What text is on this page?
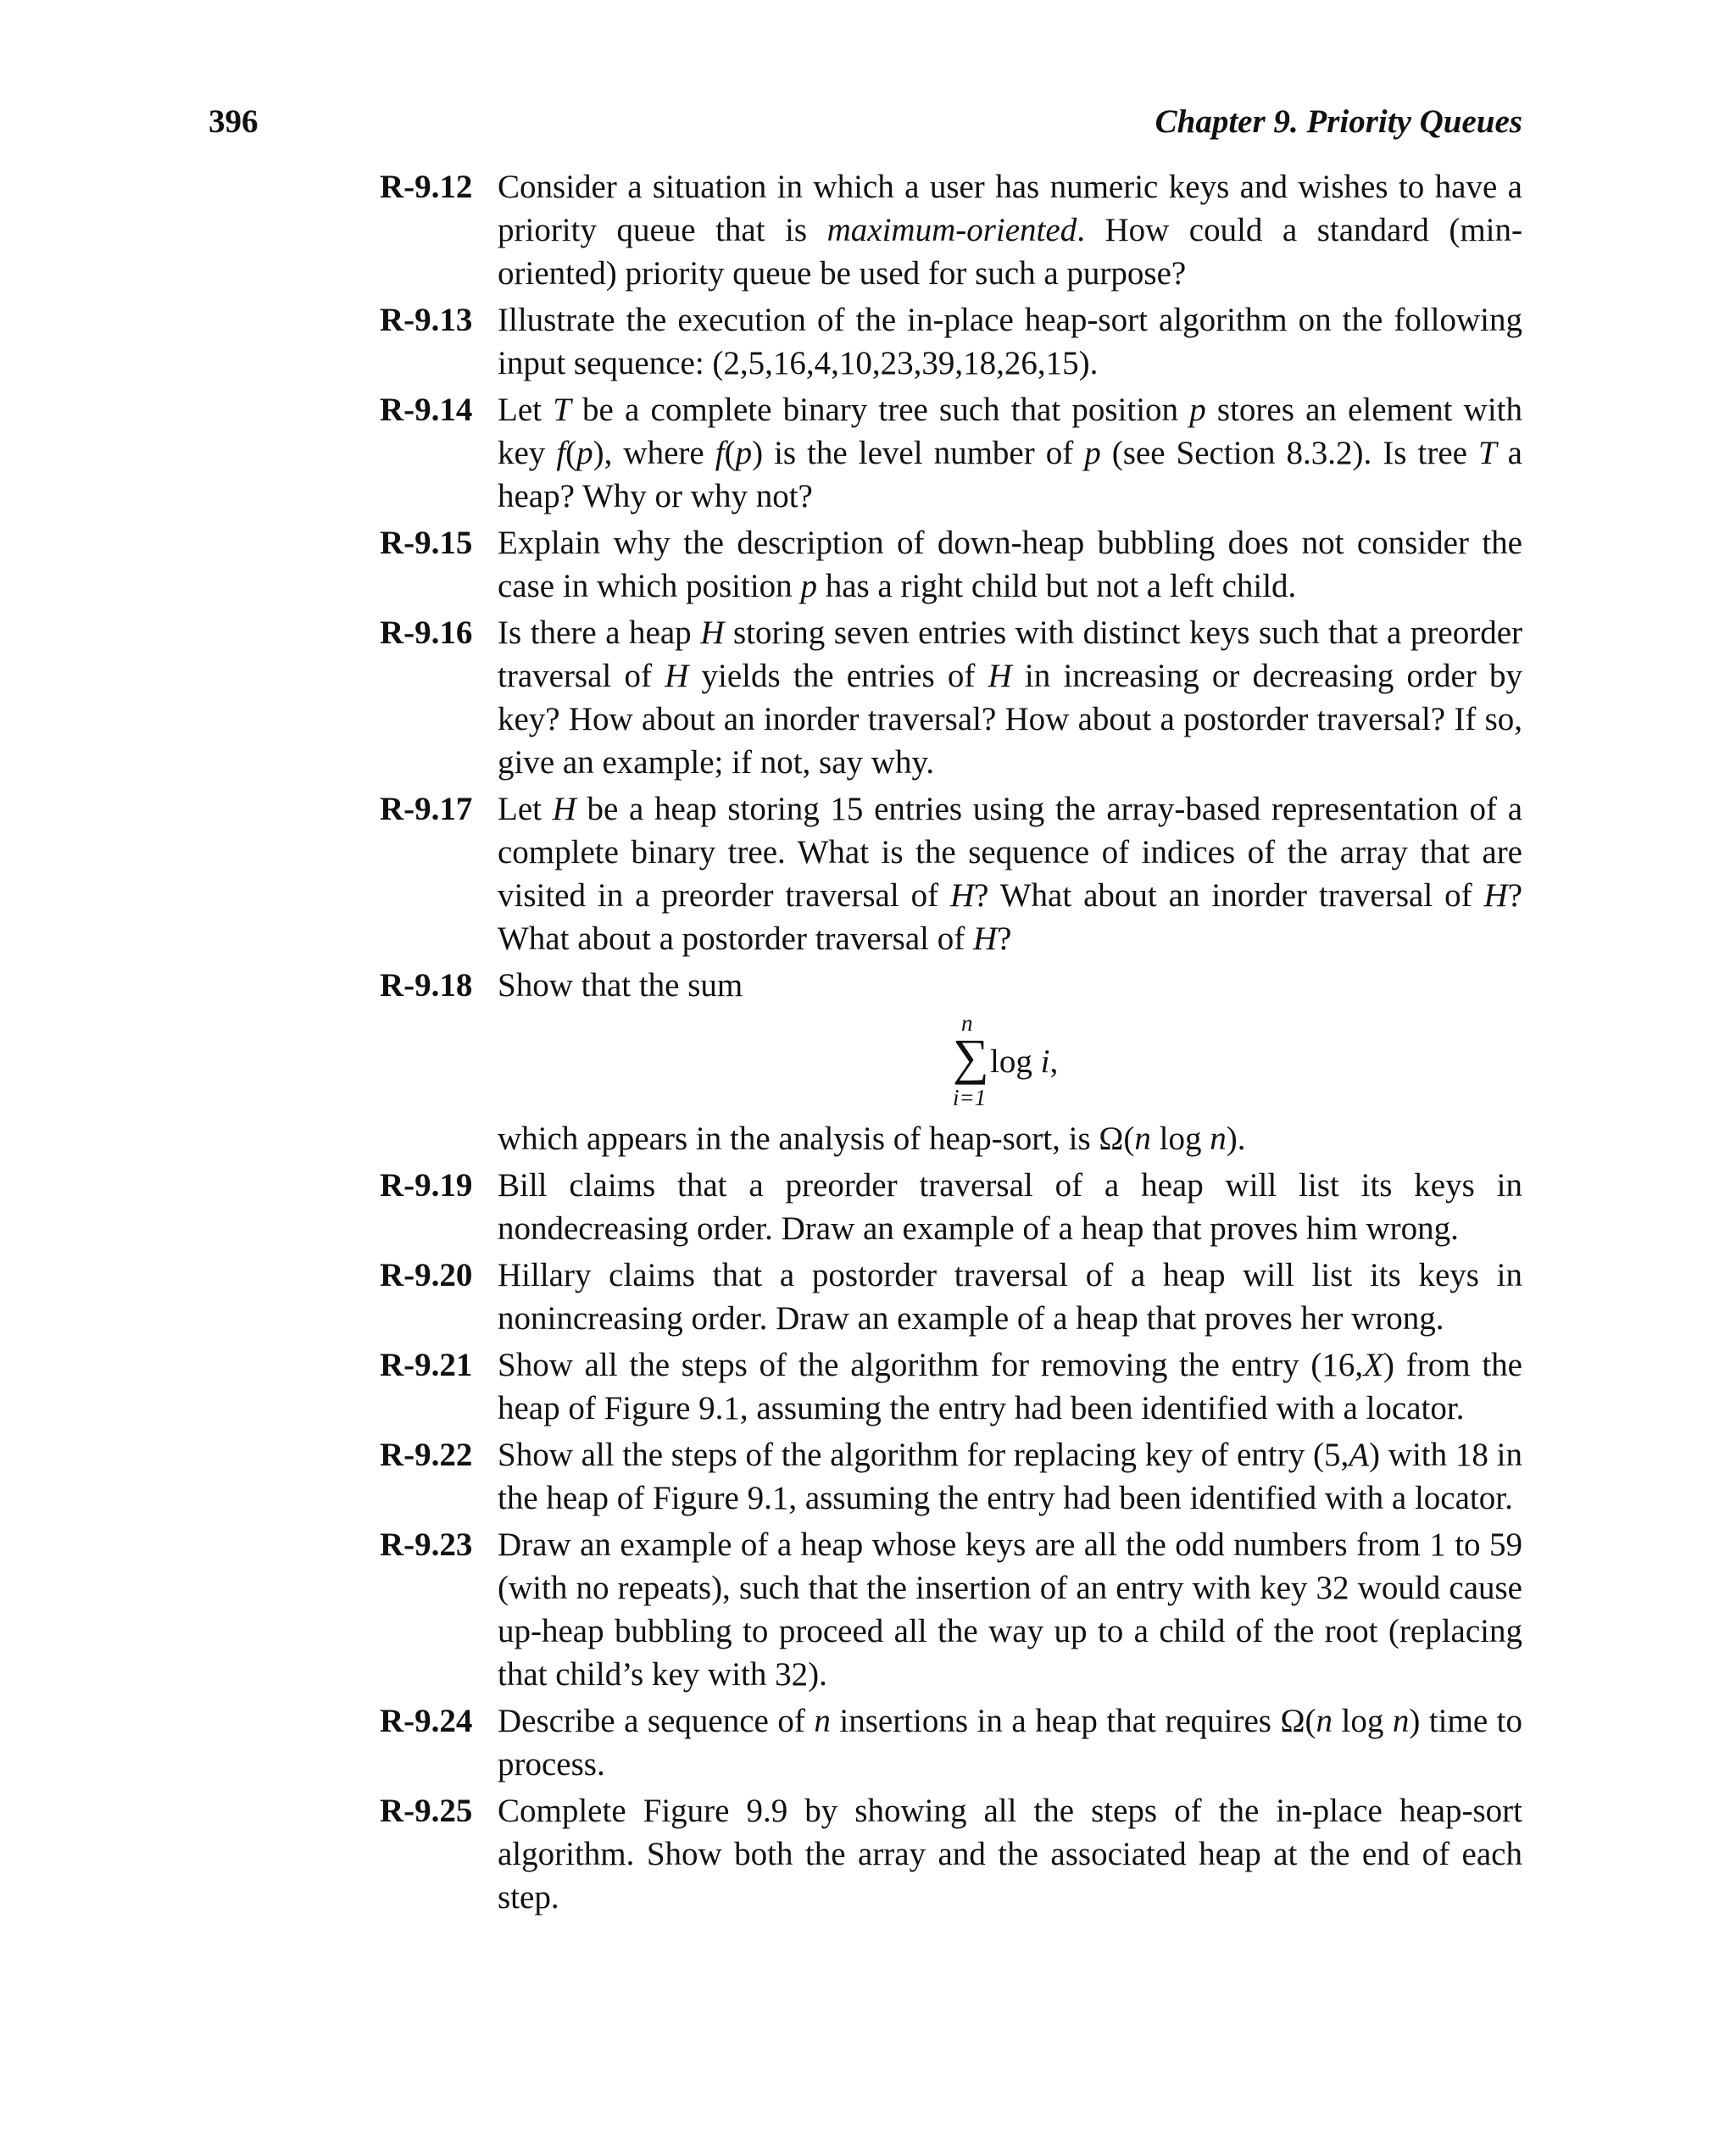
396	Chapter 9. Priority Queues
R-9.12 Consider a situation in which a user has numeric keys and wishes to have a priority queue that is maximum-oriented. How could a standard (min-oriented) priority queue be used for such a purpose?
R-9.13 Illustrate the execution of the in-place heap-sort algorithm on the following input sequence: (2,5,16,4,10,23,39,18,26,15).
R-9.14 Let T be a complete binary tree such that position p stores an element with key f(p), where f(p) is the level number of p (see Section 8.3.2). Is tree T a heap? Why or why not?
R-9.15 Explain why the description of down-heap bubbling does not consider the case in which position p has a right child but not a left child.
R-9.16 Is there a heap H storing seven entries with distinct keys such that a preorder traversal of H yields the entries of H in increasing or decreasing order by key? How about an inorder traversal? How about a postorder traversal? If so, give an example; if not, say why.
R-9.17 Let H be a heap storing 15 entries using the array-based representation of a complete binary tree. What is the sequence of indices of the array that are visited in a preorder traversal of H? What about an inorder traversal of H? What about a postorder traversal of H?
R-9.18 Show that the sum
n
∑ log i,
i=1
which appears in the analysis of heap-sort, is Ω(n log n).
R-9.19 Bill claims that a preorder traversal of a heap will list its keys in nondecreasing order. Draw an example of a heap that proves him wrong.
R-9.20 Hillary claims that a postorder traversal of a heap will list its keys in nonincreasing order. Draw an example of a heap that proves her wrong.
R-9.21 Show all the steps of the algorithm for removing the entry (16,X) from the heap of Figure 9.1, assuming the entry had been identified with a locator.
R-9.22 Show all the steps of the algorithm for replacing key of entry (5,A) with 18 in the heap of Figure 9.1, assuming the entry had been identified with a locator.
R-9.23 Draw an example of a heap whose keys are all the odd numbers from 1 to 59 (with no repeats), such that the insertion of an entry with key 32 would cause up-heap bubbling to proceed all the way up to a child of the root (replacing that child’s key with 32).
R-9.24 Describe a sequence of n insertions in a heap that requires Ω(n log n) time to process.
R-9.25 Complete Figure 9.9 by showing all the steps of the in-place heap-sort algorithm. Show both the array and the associated heap at the end of each step.
